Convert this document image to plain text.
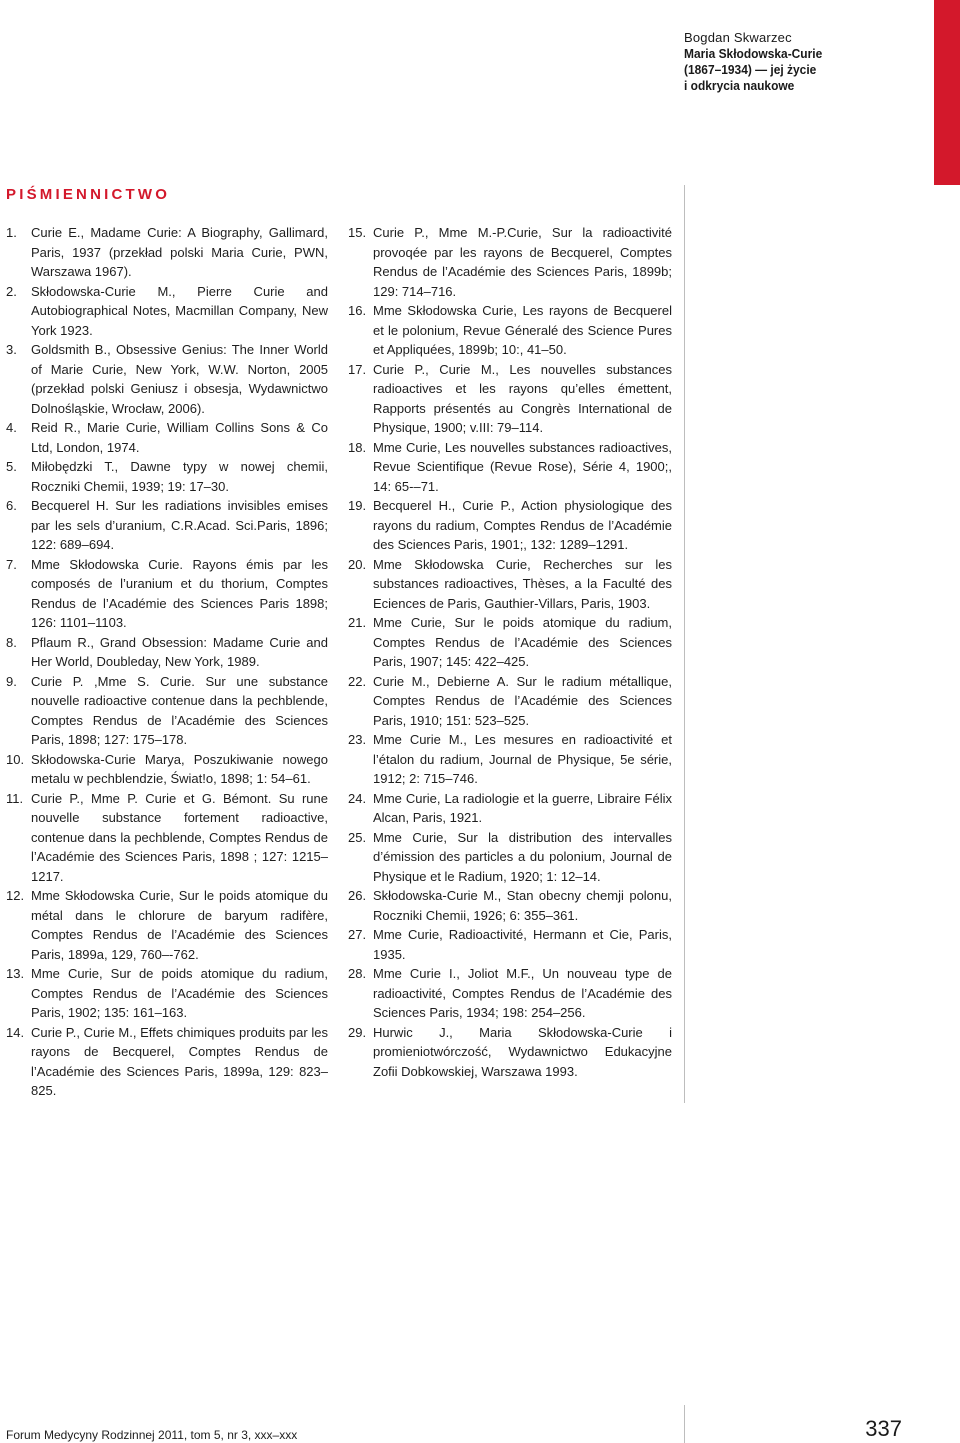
Bogdan Skwarzec
Maria Skłodowska-Curie
(1867–1934) — jej życie
i odkrycia naukowe
PIŚMIENNICTWO
1. Curie E., Madame Curie: A Biography, Gallimard, Paris, 1937 (przekład polski Maria Curie, PWN, Warszawa 1967).
2. Skłodowska-Curie M., Pierre Curie and Autobiographical Notes, Macmillan Company, New York 1923.
3. Goldsmith B., Obsessive Genius: The Inner World of Marie Curie, New York, W.W. Norton, 2005 (przekład polski Geniusz i obsesja, Wydawnictwo Dolnośląskie, Wrocław, 2006).
4. Reid R., Marie Curie, William Collins Sons & Co Ltd, London, 1974.
5. Miłobędzki T., Dawne typy w nowej chemii, Roczniki Chemii, 1939; 19: 17–30.
6. Becquerel H. Sur les radiations invisibles emises par les sels d’uranium, C.R.Acad. Sci.Paris, 1896; 122: 689–694.
7. Mme Skłodowska Curie. Rayons émis par les composés de l’uranium et du thorium, Comptes Rendus de l’Académie des Sciences Paris 1898; 126: 1101–1103.
8. Pflaum R., Grand Obsession: Madame Curie and Her World, Doubleday, New York, 1989.
9. Curie P. ,Mme S. Curie. Sur une substance nouvelle radioactive contenue dans la pechblende, Comptes Rendus de l’Académie des Sciences Paris, 1898; 127: 175–178.
10. Skłodowska-Curie Marya, Poszukiwanie nowego metalu w pechblendzie, Świat!o, 1898; 1: 54–61.
11. Curie P., Mme P. Curie et G. Bémont. Su rune nouvelle substance fortement radioactive, contenue dans la pechblende, Comptes Rendus de l’Académie des Sciences Paris, 1898 ; 127: 1215–1217.
12. Mme Skłodowska Curie, Sur le poids atomique du métal dans le chlorure de baryum radifère, Comptes Rendus de l’Académie des Sciences Paris, 1899a, 129, 760–-762.
13. Mme Curie, Sur de poids atomique du radium, Comptes Rendus de l’Académie des Sciences Paris, 1902; 135: 161–163.
14. Curie P., Curie M., Effets chimiques produits par les rayons de Becquerel, Comptes Rendus de l’Académie des Sciences Paris, 1899a, 129: 823–825.
15. Curie P., Mme M.-P.Curie, Sur la radioactivité provoqée par les rayons de Becquerel, Comptes Rendus de l’Académie des Sciences Paris, 1899b; 129: 714–716.
16. Mme Skłodowska Curie, Les rayons de Becquerel et le polonium, Revue Géneralé des Science Pures et Appliquées, 1899b; 10:, 41–50.
17. Curie P., Curie M., Les nouvelles substances radioactives et les rayons qu’elles émettent, Rapports présentés au Congrès International de Physique, 1900; v.III: 79–114.
18. Mme Curie, Les nouvelles substances radioactives, Revue Scientifique (Revue Rose), Série 4, 1900;, 14: 65-–71.
19. Becquerel H., Curie P., Action physiologique des rayons du radium, Comptes Rendus de l’Académie des Sciences Paris, 1901;, 132: 1289–1291.
20. Mme Skłodowska Curie, Recherches sur les substances radioactives, Thèses, a la Faculté des Eciences de Paris, Gauthier-Villars, Paris, 1903.
21. Mme Curie, Sur le poids atomique du radium, Comptes Rendus de l’Académie des Sciences Paris, 1907; 145: 422–425.
22. Curie M., Debierne A. Sur le radium métallique, Comptes Rendus de l’Académie des Sciences Paris, 1910; 151: 523–525.
23. Mme Curie M., Les mesures en radioactivité et l’étalon du radium, Journal de Physique, 5e série, 1912; 2: 715–746.
24. Mme Curie, La radiologie et la guerre, Libraire Félix Alcan, Paris, 1921.
25. Mme Curie, Sur la distribution des intervalles d’émission des particles a du polonium, Journal de Physique et le Radium, 1920; 1: 12–14.
26. Skłodowska-Curie M., Stan obecny chemji polonu, Roczniki Chemii, 1926; 6: 355–361.
27. Mme Curie, Radioactivité, Hermann et Cie, Paris, 1935.
28. Mme Curie I., Joliot M.F., Un nouveau type de radioactivité, Comptes Rendus de l’Académie des Sciences Paris, 1934; 198: 254–256.
29. Hurwic J., Maria Skłodowska-Curie i promieniotwórczość, Wydawnictwo Edukacyjne Zofii Dobkowskiej, Warszawa 1993.
Forum Medycyny Rodzinnej 2011, tom 5, nr 3, xxx–xxx	337
